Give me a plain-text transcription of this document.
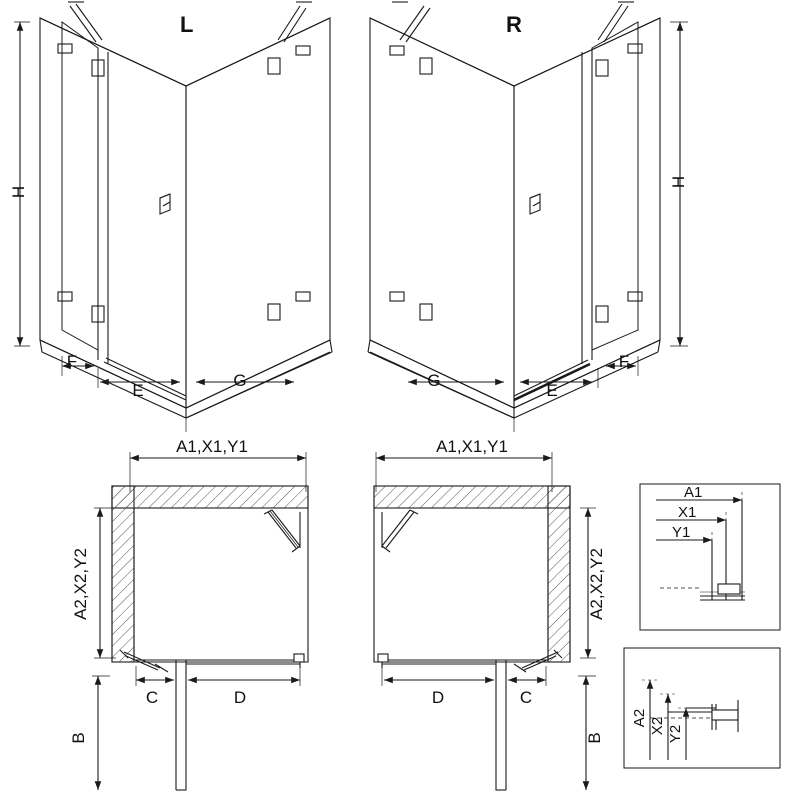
L	R
H
H
F
E
G
F
E
G
A1,X1,Y1
A2,X2,Y2
C	D
B
A1,X1,Y1
A2,X2,Y2
D	C
B
A1
X1
Y1
A2 X2 Y2
